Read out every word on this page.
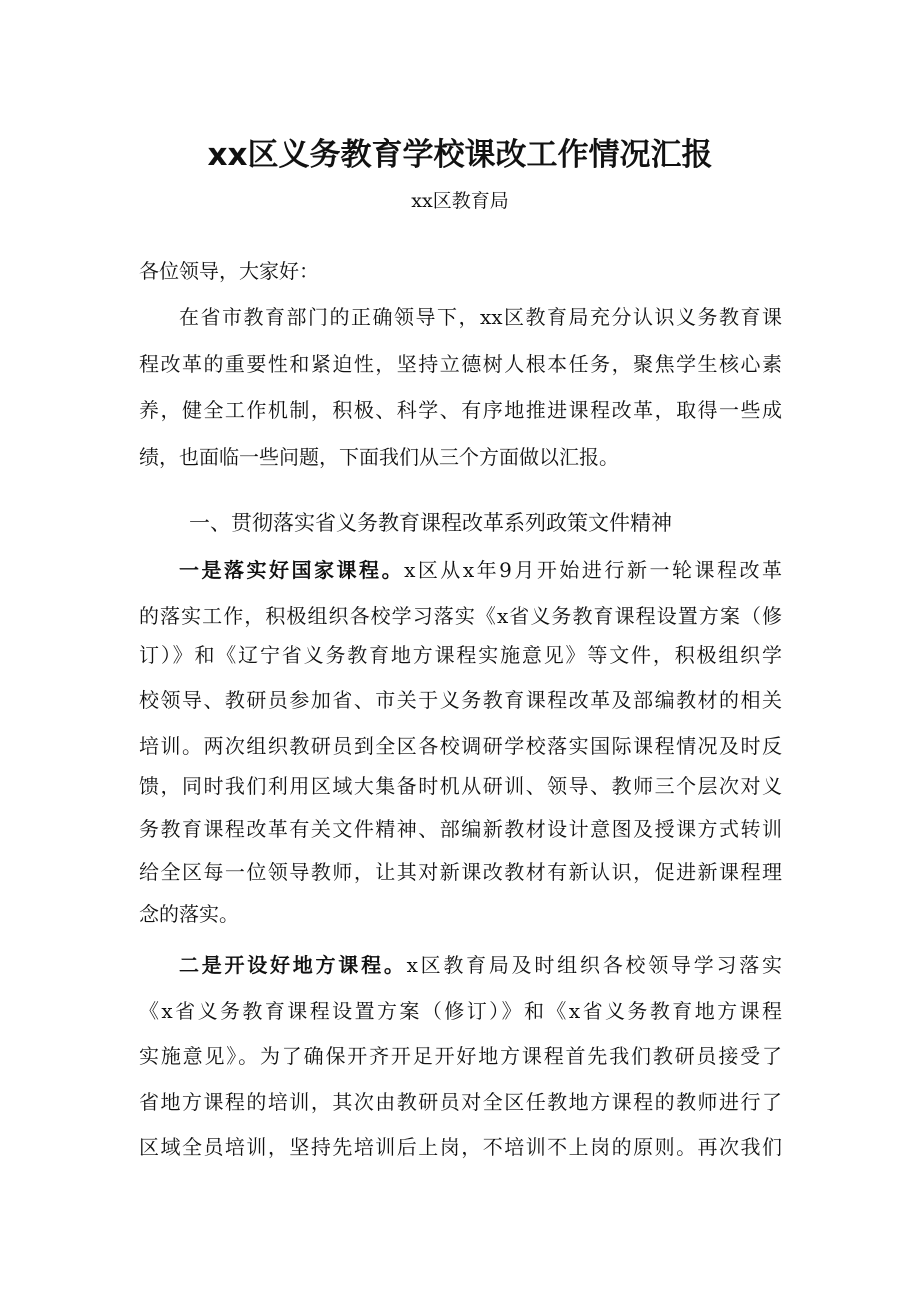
xx区义务教育学校课改工作情况汇报
xx区教育局
各位领导，大家好：
在省市教育部门的正确领导下，xx区教育局充分认识义务教育课
程改革的重要性和紧迫性，坚持立德树人根本任务，聚焦学生核心素
养，健全工作机制，积极、科学、有序地推进课程改革，取得一些成
绩，也面临一些问题，下面我们从三个方面做以汇报。
一、贯彻落实省义务教育课程改革系列政策文件精神
一是落实好国家课程。x区从x年9月开始进行新一轮课程改革
的落实工作，积极组织各校学习落实《x省义务教育课程设置方案（修
订）》和《辽宁省义务教育地方课程实施意见》等文件，积极组织学
校领导、教研员参加省、市关于义务教育课程改革及部编教材的相关
培训。两次组织教研员到全区各校调研学校落实国际课程情况及时反
馈，同时我们利用区域大集备时机从研训、领导、教师三个层次对义
务教育课程改革有关文件精神、部编新教材设计意图及授课方式转训
给全区每一位领导教师，让其对新课改教材有新认识，促进新课程理
念的落实。
二是开设好地方课程。x区教育局及时组织各校领导学习落实
《x省义务教育课程设置方案（修订）》和《x省义务教育地方课程
实施意见》。为了确保开齐开足开好地方课程首先我们教研员接受了
省地方课程的培训，其次由教研员对全区任教地方课程的教师进行了
区域全员培训，坚持先培训后上岗，不培训不上岗的原则。再次我们
